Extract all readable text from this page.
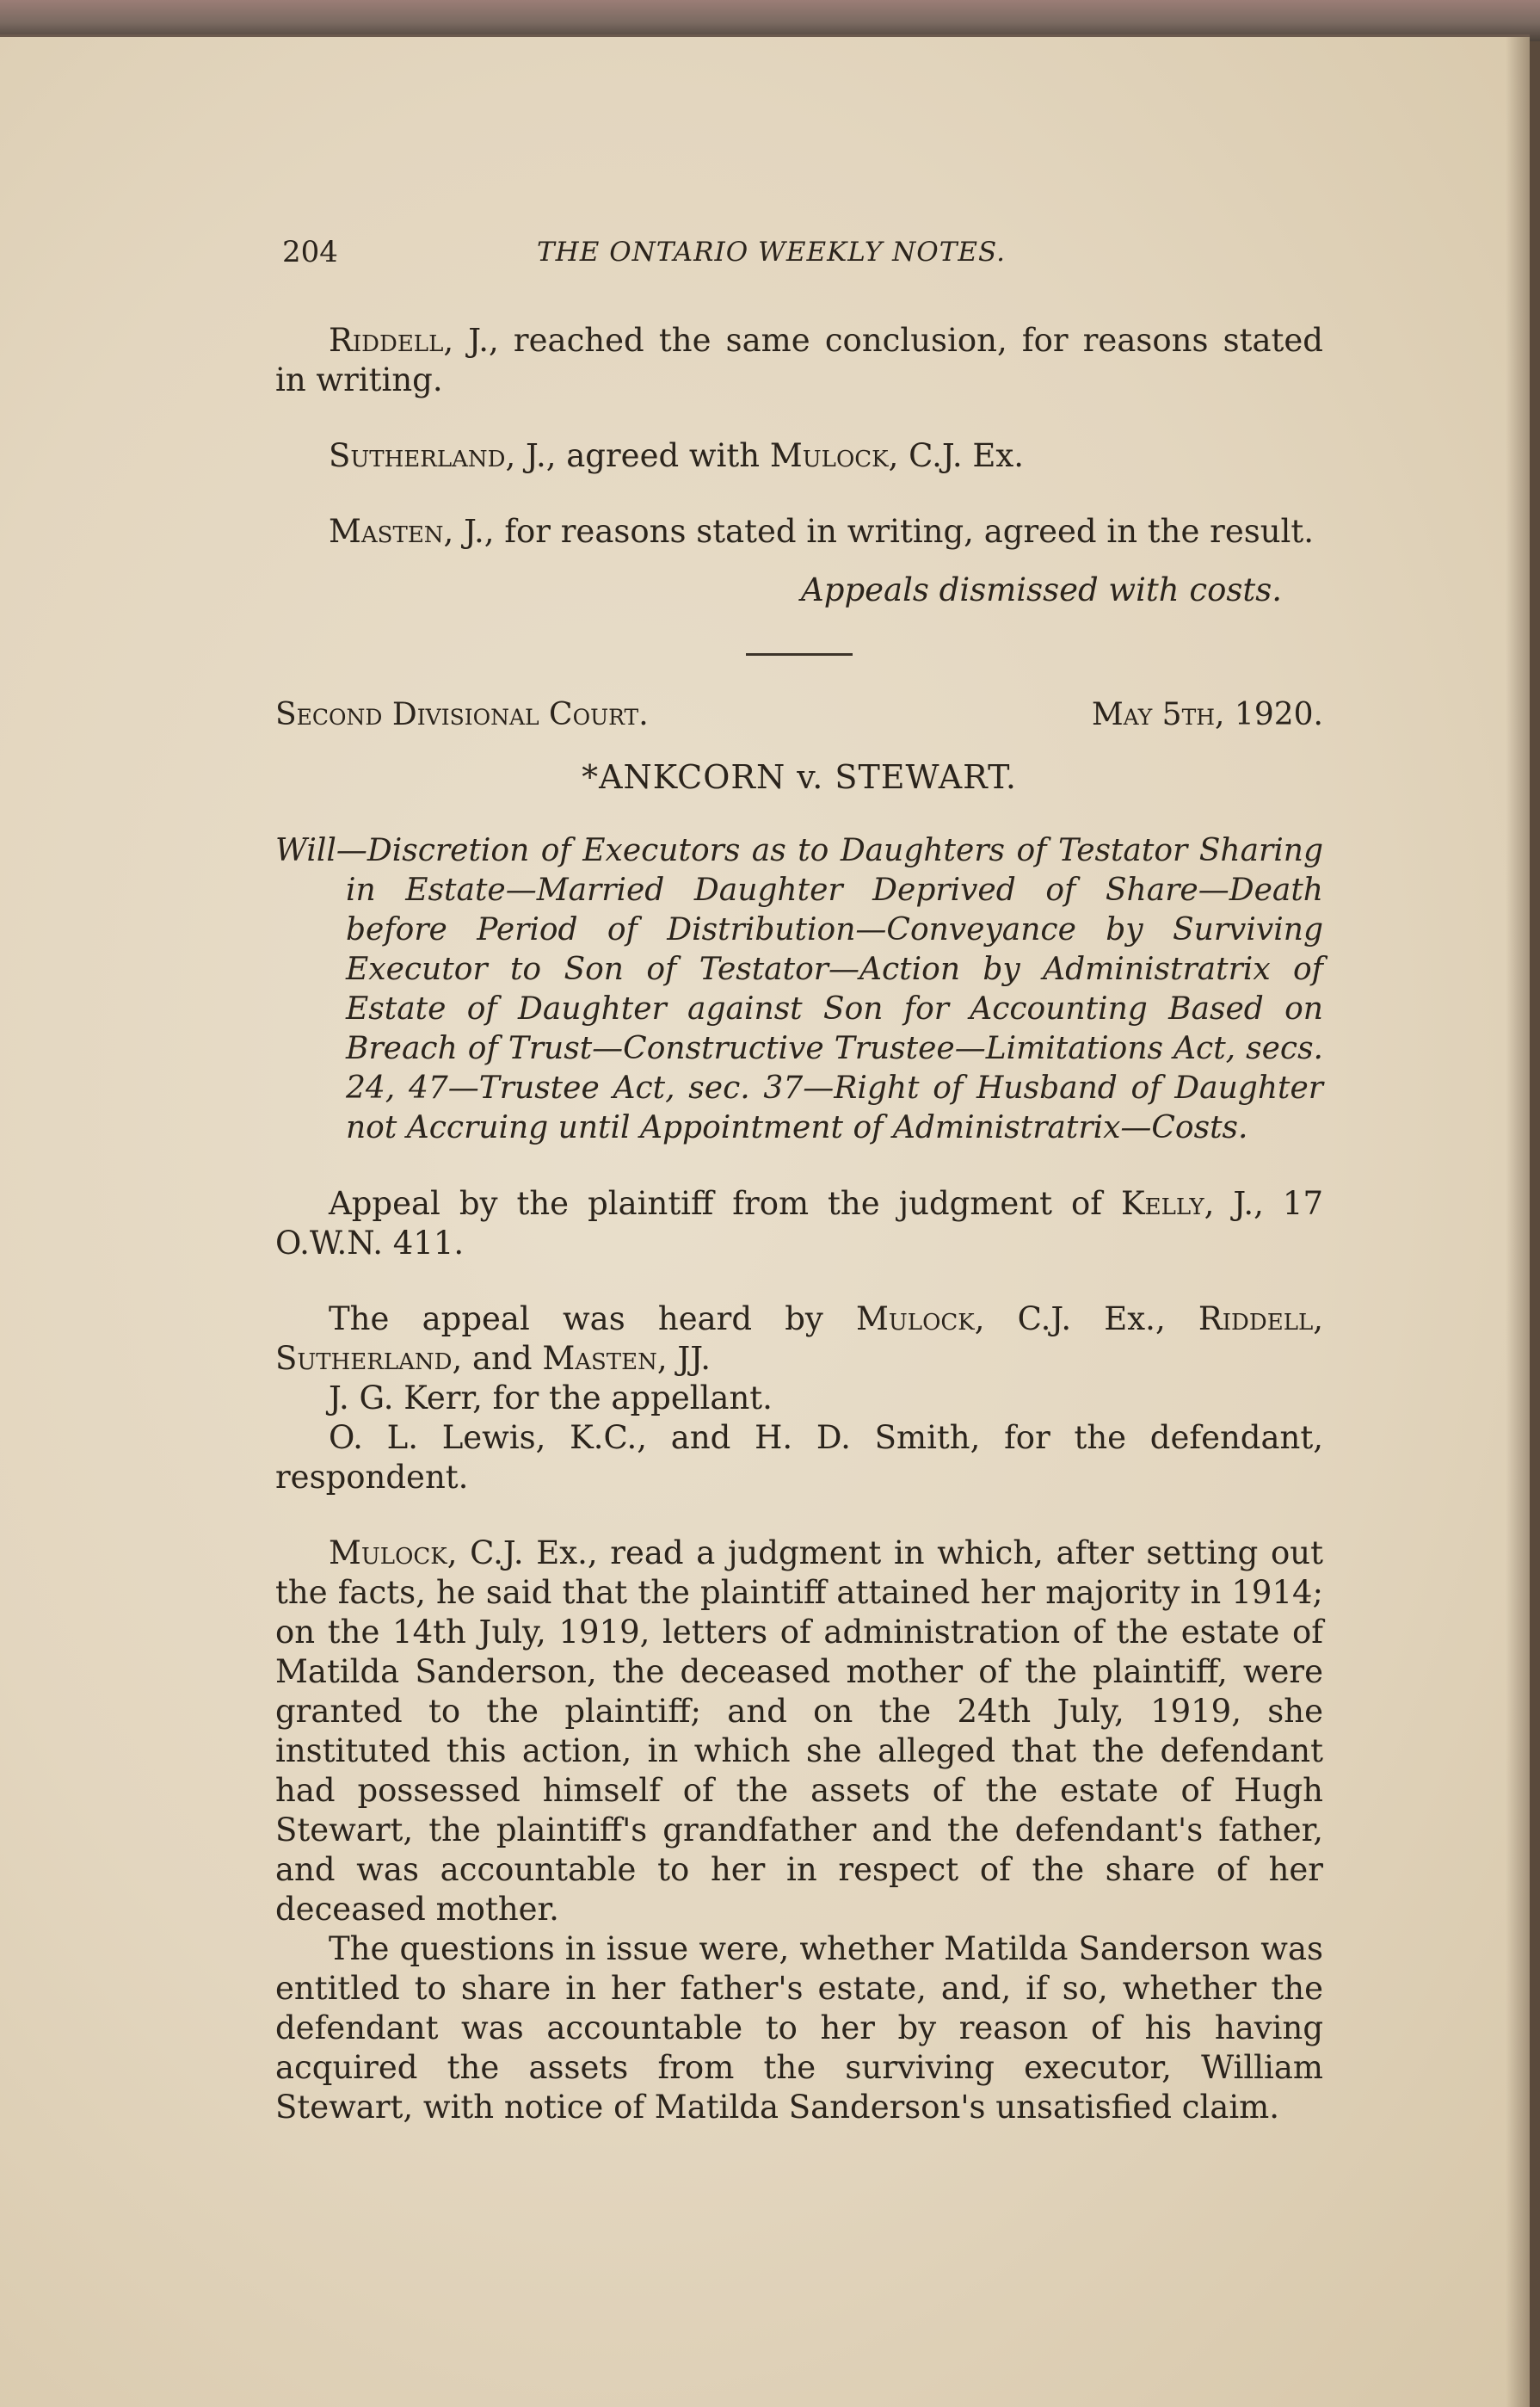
204	THE ONTARIO WEEKLY NOTES.

Riddell, J., reached the same conclusion, for reasons stated in writing.

Sutherland, J., agreed with Mulock, C.J. Ex.

Masten, J., for reasons stated in writing, agreed in the result.

Appeals dismissed with costs.

Second Divisional Court.	May 5th, 1920.

*ANKCORN v. STEWART.

Will—Discretion of Executors as to Daughters of Testator Sharing in Estate—Married Daughter Deprived of Share—Death before Period of Distribution—Conveyance by Surviving Executor to Son of Testator—Action by Administratrix of Estate of Daughter against Son for Accounting Based on Breach of Trust—Constructive Trustee—Limitations Act, secs. 24, 47—Trustee Act, sec. 37—Right of Husband of Daughter not Accruing until Appointment of Administratrix—Costs.

Appeal by the plaintiff from the judgment of Kelly, J., 17 O.W.N. 411.

The appeal was heard by Mulock, C.J. Ex., Riddell, Sutherland, and Masten, JJ.

J. G. Kerr, for the appellant.

O. L. Lewis, K.C., and H. D. Smith, for the defendant, respondent.

Mulock, C.J. Ex., read a judgment in which, after setting out the facts, he said that the plaintiff attained her majority in 1914; on the 14th July, 1919, letters of administration of the estate of Matilda Sanderson, the deceased mother of the plaintiff, were granted to the plaintiff; and on the 24th July, 1919, she instituted this action, in which she alleged that the defendant had possessed himself of the assets of the estate of Hugh Stewart, the plaintiff's grandfather and the defendant's father, and was accountable to her in respect of the share of her deceased mother.

The questions in issue were, whether Matilda Sanderson was entitled to share in her father's estate, and, if so, whether the defendant was accountable to her by reason of his having acquired the assets from the surviving executor, William Stewart, with notice of Matilda Sanderson's unsatisfied claim.
